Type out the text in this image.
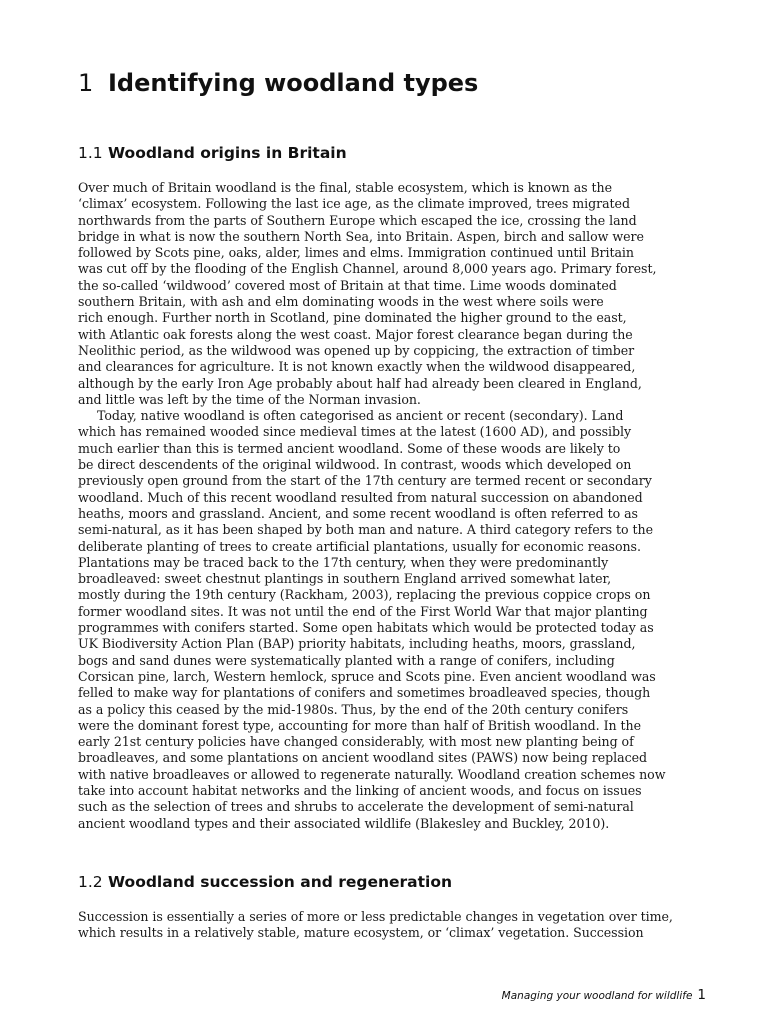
1 Identifying woodland types
1.1 Woodland origins in Britain
Over much of Britain woodland is the final, stable ecosystem, which is known as the
‘climax’ ecosystem. Following the last ice age, as the climate improved, trees migrated
northwards from the parts of Southern Europe which escaped the ice, crossing the land
bridge in what is now the southern North Sea, into Britain. Aspen, birch and sallow were
followed by Scots pine, oaks, alder, limes and elms. Immigration continued until Britain
was cut off by the flooding of the English Channel, around 8,000 years ago. Primary forest,
the so-called ‘wildwood’ covered most of Britain at that time. Lime woods dominated
southern Britain, with ash and elm dominating woods in the west where soils were
rich enough. Further north in Scotland, pine dominated the higher ground to the east,
with Atlantic oak forests along the west coast. Major forest clearance began during the
Neolithic period, as the wildwood was opened up by coppicing, the extraction of timber
and clearances for agriculture. It is not known exactly when the wildwood disappeared,
although by the early Iron Age probably about half had already been cleared in England,
and little was left by the time of the Norman invasion.
Today, native woodland is often categorised as ancient or recent (secondary). Land
which has remained wooded since medieval times at the latest (1600 AD), and possibly
much earlier than this is termed ancient woodland. Some of these woods are likely to
be direct descendents of the original wildwood. In contrast, woods which developed on
previously open ground from the start of the 17th century are termed recent or secondary
woodland. Much of this recent woodland resulted from natural succession on abandoned
heaths, moors and grassland. Ancient, and some recent woodland is often referred to as
semi-natural, as it has been shaped by both man and nature. A third category refers to the
deliberate planting of trees to create artificial plantations, usually for economic reasons.
Plantations may be traced back to the 17th century, when they were predominantly
broadleaved: sweet chestnut plantings in southern England arrived somewhat later,
mostly during the 19th century (Rackham, 2003), replacing the previous coppice crops on
former woodland sites. It was not until the end of the First World War that major planting
programmes with conifers started. Some open habitats which would be protected today as
UK Biodiversity Action Plan (BAP) priority habitats, including heaths, moors, grassland,
bogs and sand dunes were systematically planted with a range of conifers, including
Corsican pine, larch, Western hemlock, spruce and Scots pine. Even ancient woodland was
felled to make way for plantations of conifers and sometimes broadleaved species, though
as a policy this ceased by the mid-1980s. Thus, by the end of the 20th century conifers
were the dominant forest type, accounting for more than half of British woodland. In the
early 21st century policies have changed considerably, with most new planting being of
broadleaves, and some plantations on ancient woodland sites (PAWS) now being replaced
with native broadleaves or allowed to regenerate naturally. Woodland creation schemes now
take into account habitat networks and the linking of ancient woods, and focus on issues
such as the selection of trees and shrubs to accelerate the development of semi-natural
ancient woodland types and their associated wildlife (Blakesley and Buckley, 2010).
1.2 Woodland succession and regeneration
Succession is essentially a series of more or less predictable changes in vegetation over time,
which results in a relatively stable, mature ecosystem, or ‘climax’ vegetation. Succession
Managing your woodland for wildlife 1
